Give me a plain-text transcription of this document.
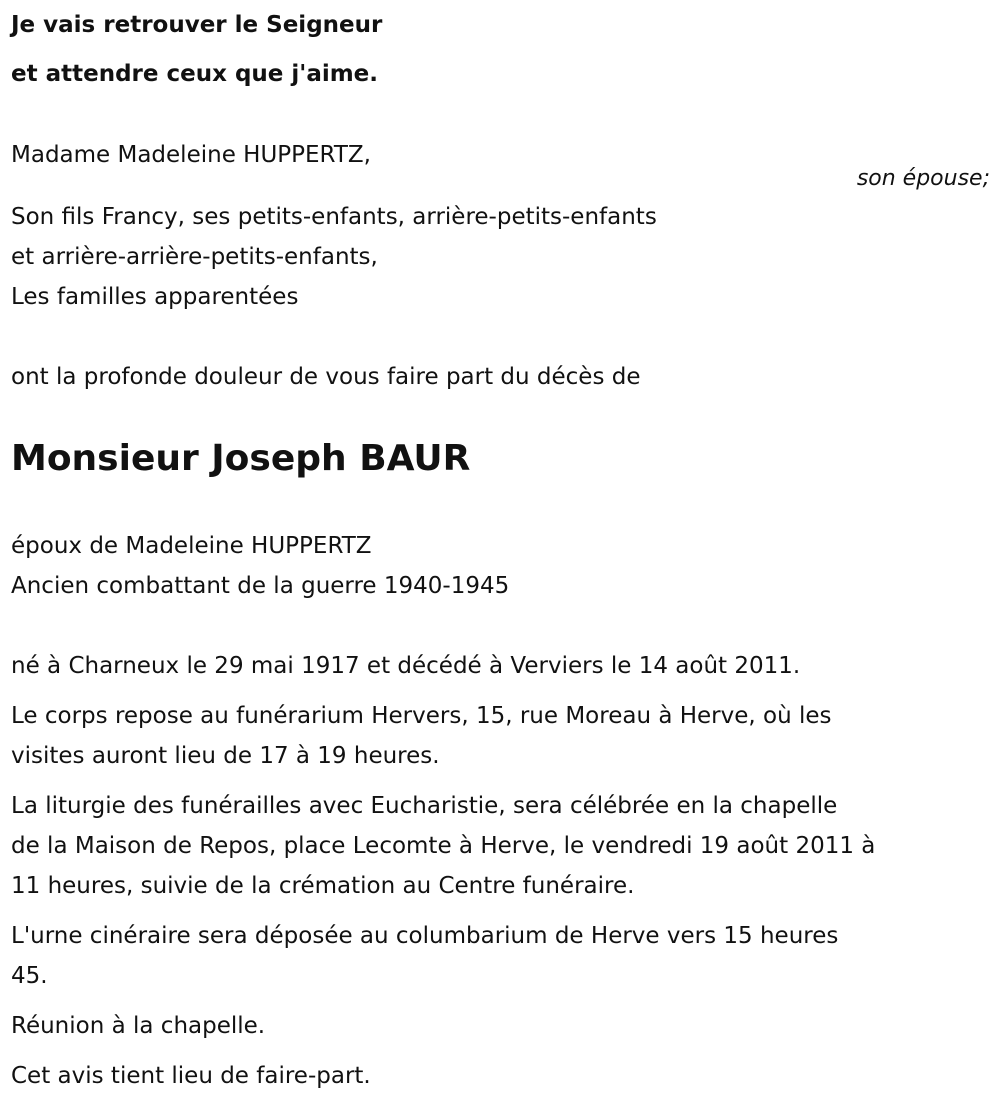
Je vais retrouver le Seigneur

et attendre ceux que j'aime.

Madame Madeleine HUPPERTZ,

son épouse;

Son fils Francy, ses petits-enfants, arrière-petits-enfants

et arrière-arrière-petits-enfants,

Les familles apparentées

ont la profonde douleur de vous faire part du décès de

Monsieur Joseph BAUR

époux de Madeleine HUPPERTZ

Ancien combattant de la guerre 1940-1945

né à Charneux le 29 mai 1917 et décédé à Verviers le 14 août 2011.

Le corps repose au funérarium Hervers, 15, rue Moreau à Herve, où les

visites auront lieu de 17 à 19 heures.

La liturgie des funérailles avec Eucharistie, sera célébrée en la chapelle

de la Maison de Repos, place Lecomte à Herve, le vendredi 19 août 2011 à

11 heures, suivie de la crémation au Centre funéraire.

L'urne cinéraire sera déposée au columbarium de Herve vers 15 heures

45.

Réunion à la chapelle.

Cet avis tient lieu de faire-part.
